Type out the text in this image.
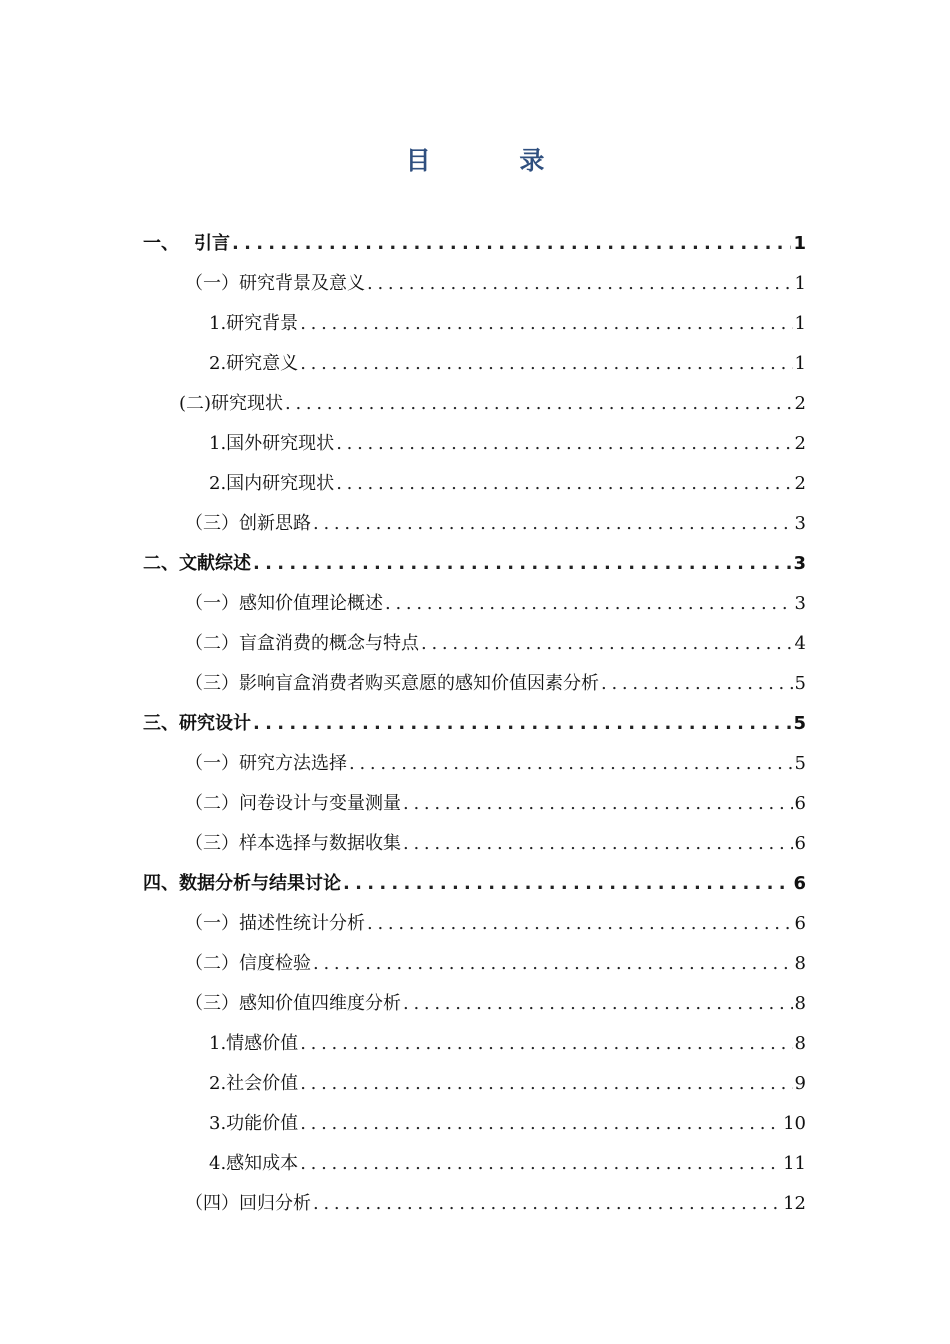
目 录
一、 引言 . . .	1
（一）研究背景及意义 . . .	1
1.研究背景 . . .	1
2.研究意义 . . .	1
(二)研究现状 . . .	2
1.国外研究现状 . . .	2
2.国内研究现状 . . .	2
（三）创新思路 . . .	3
二、文献综述 . . .	3
（一）感知价值理论概述 . . .	3
（二）盲盒消费的概念与特点 . . .	4
（三）影响盲盒消费者购买意愿的感知价值因素分析 . . .	5
三、研究设计 . . .	5
（一）研究方法选择 . . .	5
（二）问卷设计与变量测量 . . .	6
（三）样本选择与数据收集 . . .	6
四、数据分析与结果讨论 . . .	6
（一）描述性统计分析 . . .	6
（二）信度检验 . . .	8
（三）感知价值四维度分析 . . .	8
1.情感价值 . . .	8
2.社会价值 . . .	9
3.功能价值 . . .	10
4.感知成本 . . .	11
（四）回归分析 . . .	12
